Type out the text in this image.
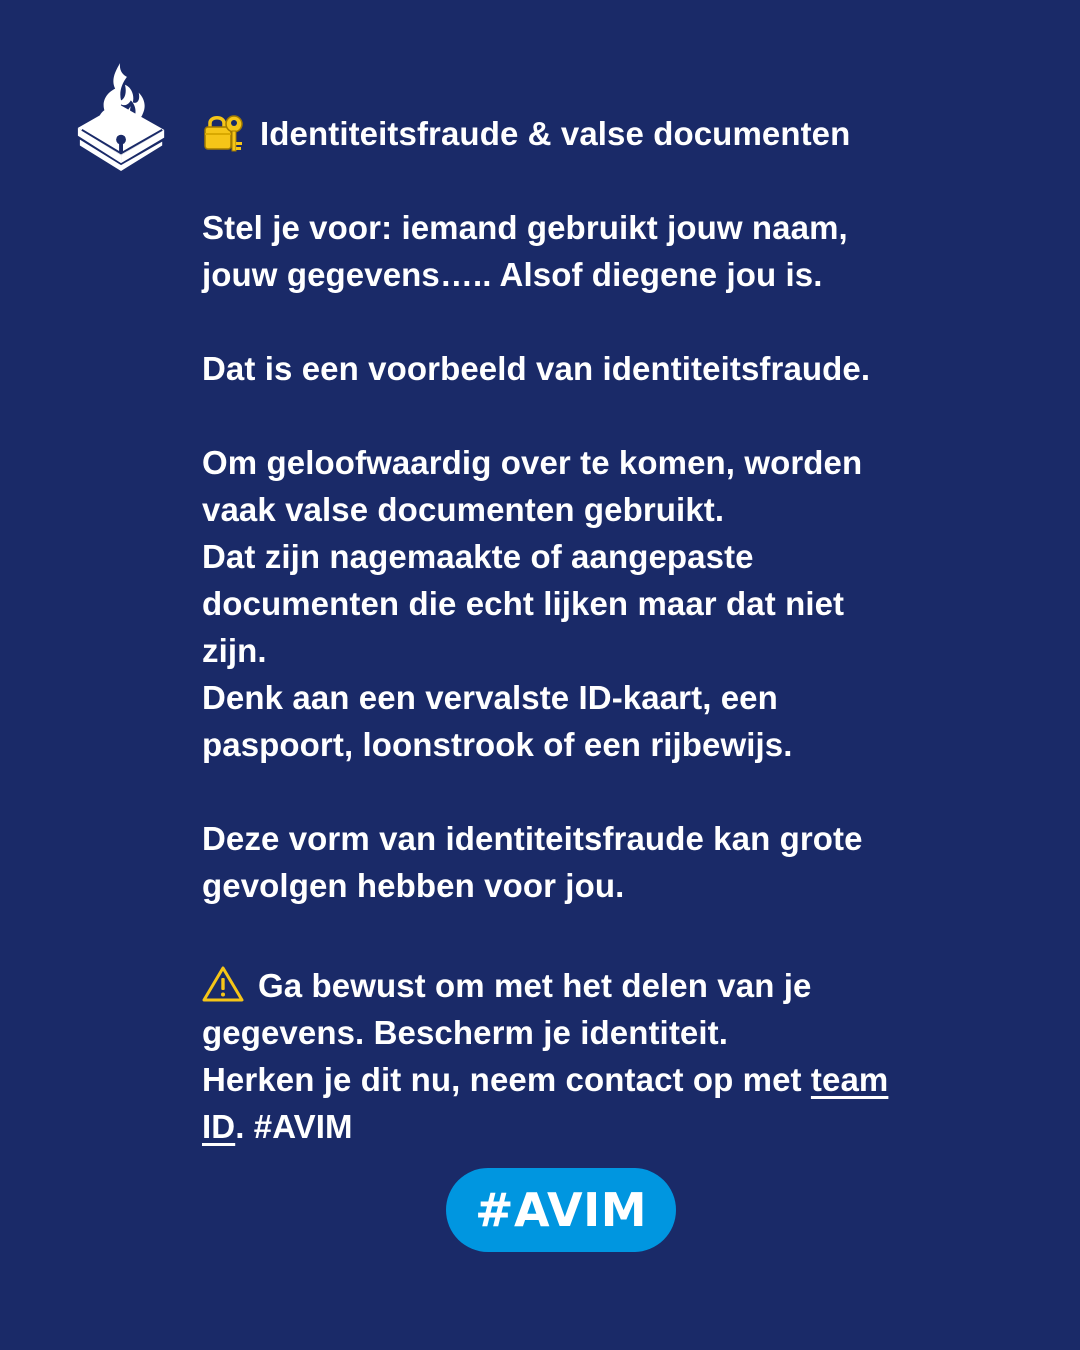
Identiteitsfraude & valse documenten
Stel je voor: iemand gebruikt jouw naam,
jouw gegevens….. Alsof diegene jou is.
Dat is een voorbeeld van identiteitsfraude.
Om geloofwaardig over te komen, worden
vaak valse documenten gebruikt.
Dat zijn nagemaakte of aangepaste
documenten die echt lijken maar dat niet
zijn.
Denk aan een vervalste ID-kaart, een
paspoort, loonstrook of een rijbewijs.
Deze vorm van identiteitsfraude kan grote
gevolgen hebben voor jou.
Ga bewust om met het delen van je
gegevens. Bescherm je identiteit.
Herken je dit nu, neem contact op met team
ID. #AVIM
#AVIM
